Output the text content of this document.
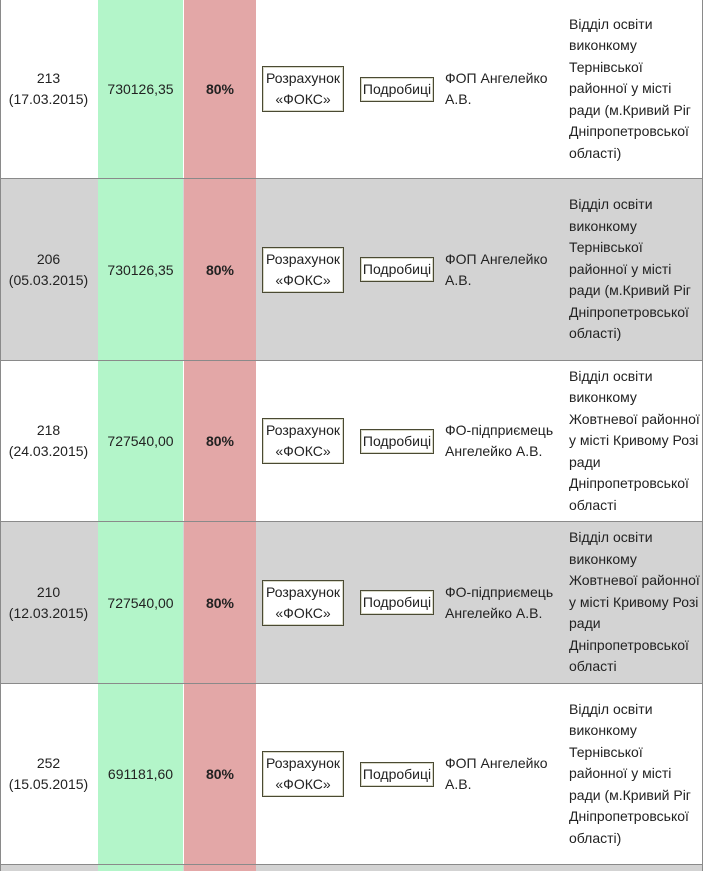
213
(17.03.2015)
730126,35 80%
Розрахунок
«ФОКС»
Подробиці
ФОП Ангелейко А.В.
Відділ освіти виконкому Тернівської районної у місті ради (м.Кривий Ріг Дніпропетровської області)
206
(05.03.2015)
730126,35 80%
Розрахунок
«ФОКС»
Подробиці
ФОП Ангелейко А.В.
Відділ освіти виконкому Тернівської районної у місті ради (м.Кривий Ріг Дніпропетровської області)
218
(24.03.2015)
727540,00 80%
Розрахунок
«ФОКС»
Подробиці
ФО-підприємець Ангелейко А.В.
Відділ освіти виконкому Жовтневої районної у місті Кривому Розі ради Дніпропетровської області
210
(12.03.2015)
727540,00 80%
Розрахунок
«ФОКС»
Подробиці
ФО-підприємець Ангелейко А.В.
Відділ освіти виконкому Жовтневої районної у місті Кривому Розі ради Дніпропетровської області
252
(15.05.2015)
691181,60 80%
Розрахунок
«ФОКС»
Подробиці
ФОП Ангелейко А.В.
Відділ освіти виконкому Тернівської районної у місті ради (м.Кривий Ріг Дніпропетровської області)
